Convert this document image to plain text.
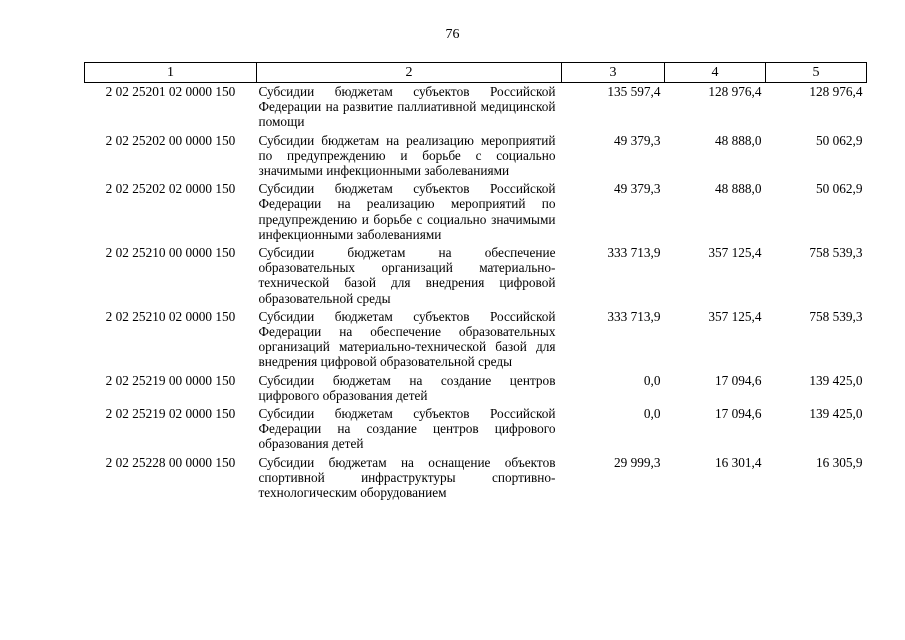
76
1	2	3	4	5
2 02 25201 02 0000 150	Субсидии бюджетам субъектов Российской Федерации на развитие паллиативной медицинской помощи	135 597,4	128 976,4	128 976,4
2 02 25202 00 0000 150	Субсидии бюджетам на реализацию мероприятий по предупреждению и борьбе с социально значимыми инфекционными заболеваниями	49 379,3	48 888,0	50 062,9
2 02 25202 02 0000 150	Субсидии бюджетам субъектов Российской Федерации на реализацию мероприятий по предупреждению и борьбе с социально значимыми инфекционными заболеваниями	49 379,3	48 888,0	50 062,9
2 02 25210 00 0000 150	Субсидии бюджетам на обеспечение образовательных организаций материально-технической базой для внедрения цифровой образовательной среды	333 713,9	357 125,4	758 539,3
2 02 25210 02 0000 150	Субсидии бюджетам субъектов Российской Федерации на обеспечение образовательных организаций материально-технической базой для внедрения цифровой образовательной среды	333 713,9	357 125,4	758 539,3
2 02 25219 00 0000 150	Субсидии бюджетам на создание центров цифрового образования детей	0,0	17 094,6	139 425,0
2 02 25219 02 0000 150	Субсидии бюджетам субъектов Российской Федерации на создание центров цифрового образования детей	0,0	17 094,6	139 425,0
2 02 25228 00 0000 150	Субсидии бюджетам на оснащение объектов спортивной инфраструктуры спортивно-технологическим оборудованием	29 999,3	16 301,4	16 305,9
